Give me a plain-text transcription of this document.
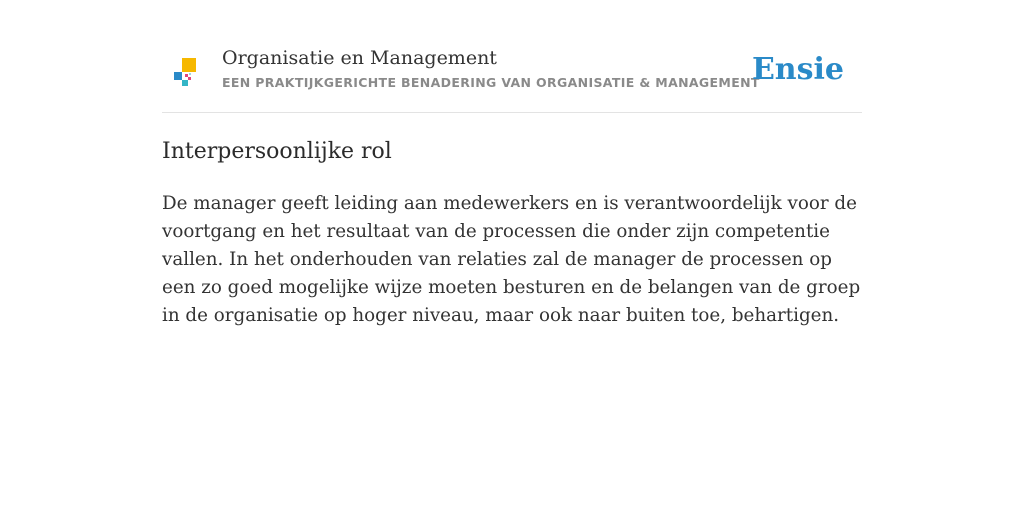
Organisatie en Management
EEN PRAKTIJKGERICHTE BENADERING VAN ORGANISATIE & MANAGEMENT
Ensie
Interpersoonlijke rol

De manager geeft leiding aan medewerkers en is verantwoordelijk voor de voortgang en het resultaat van de processen die onder zijn competentie vallen. In het onderhouden van relaties zal de manager de processen op een zo goed mogelijke wijze moeten besturen en de belangen van de groep in de organisatie op hoger niveau, maar ook naar buiten toe, behartigen.
